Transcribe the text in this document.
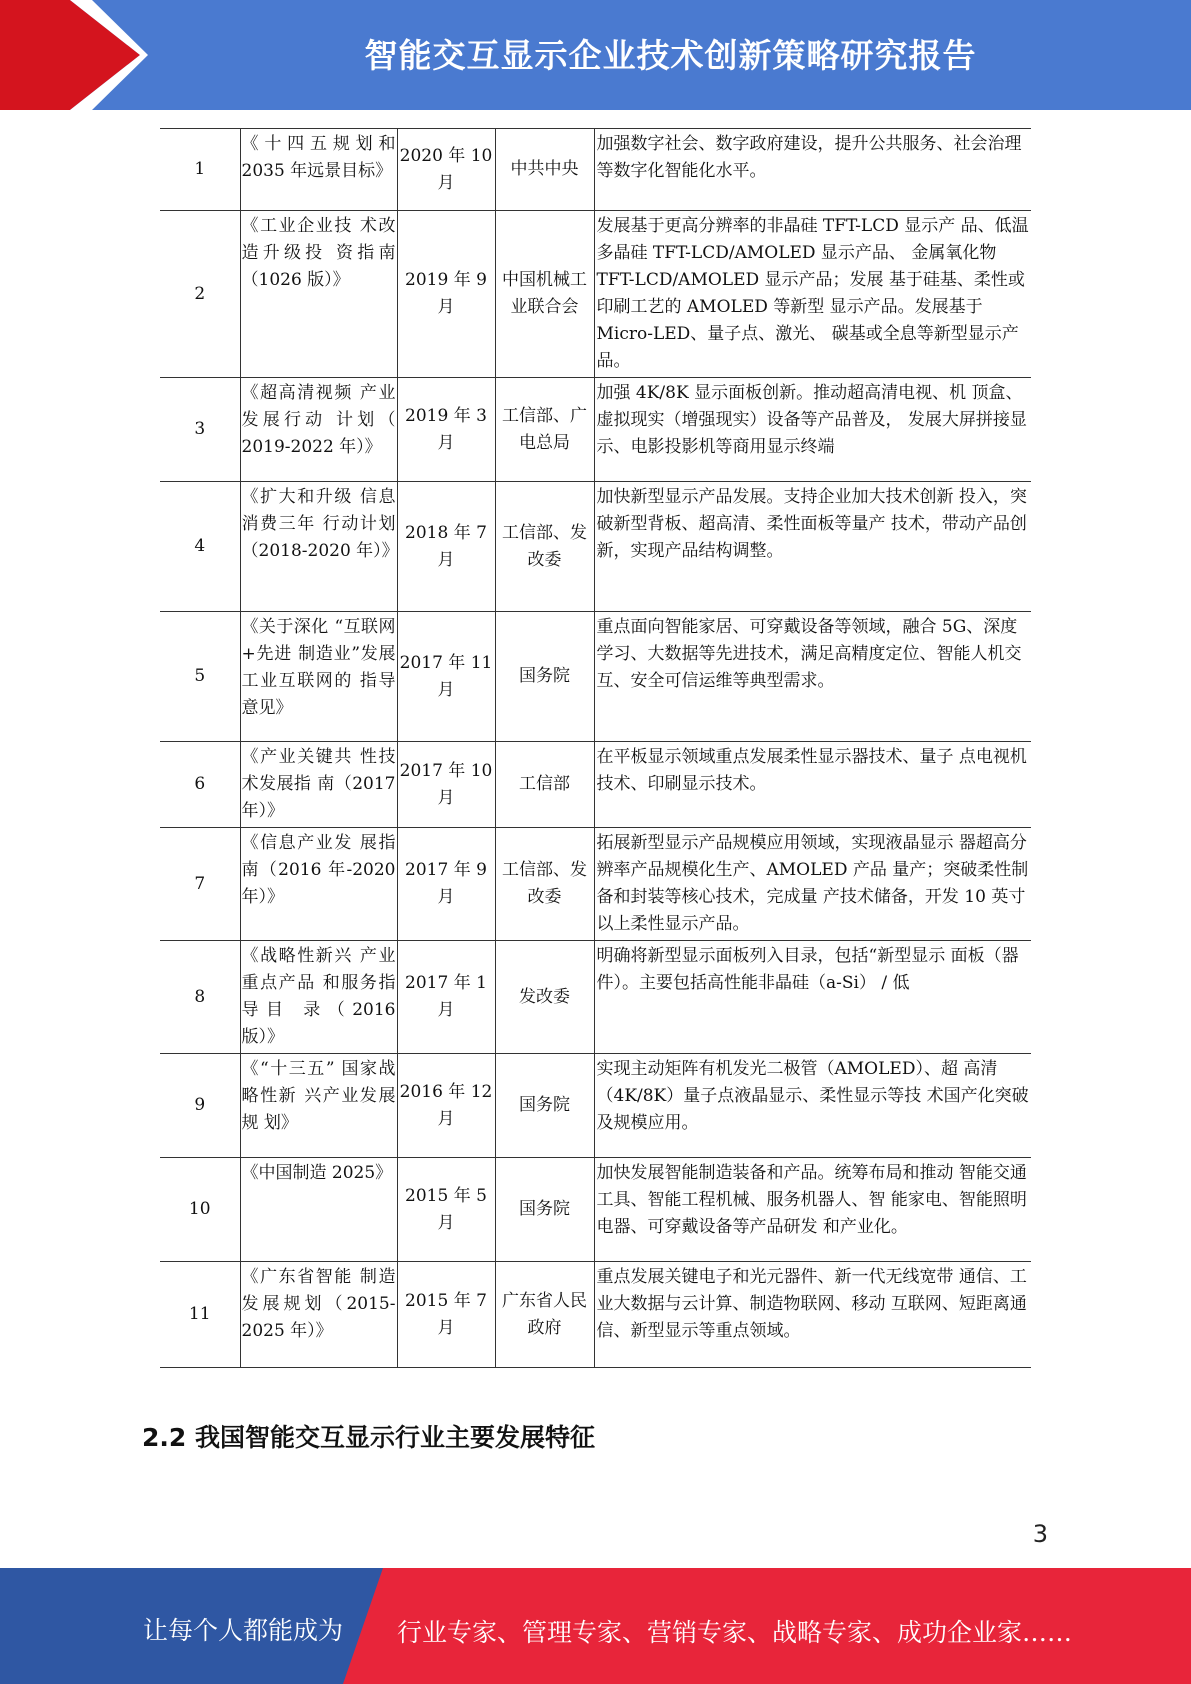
智能交互显示企业技术创新策略研究报告
1	《十四五规划和 2035 年远景目标》	2020 年 10 月	中共中央	加强数字社会、数字政府建设，提升公共服务、社会治理等数字化智能化水平。
2	《工业企业技 术改造升级投 资指南（1026 版）》	2019 年 9 月	中国机械工业联合会	发展基于更高分辨率的非晶硅 TFT-LCD 显示产 品、低温多晶硅 TFT-LCD/AMOLED 显示产品、 金属氧化物 TFT-LCD/AMOLED 显示产品；发展 基于硅基、柔性或印刷工艺的 AMOLED 等新型 显示产品。发展基于 Micro-LED、量子点、激光、 碳基或全息等新型显示产品。
3	《超高清视频 产业发展行动 计划（ 2019-2022 年）》	2019 年 3 月	工信部、广电总局	加强 4K/8K 显示面板创新。推动超高清电视、机 顶盒、虚拟现实（增强现实）设备等产品普及， 发展大屏拼接显示、电影投影机等商用显示终端
4	《扩大和升级 信息消费三年 行动计划（2018-2020 年）》	2018 年 7 月	工信部、发改委	加快新型显示产品发展。支持企业加大技术创新 投入，突破新型背板、超高清、柔性面板等量产 技术，带动产品创新，实现产品结构调整。
5	《关于深化 “互联网+先进 制造业”发展 工业互联网的 指导意见》	2017 年 11 月	国务院	重点面向智能家居、可穿戴设备等领域，融合 5G、深度学习、大数据等先进技术，满足高精度定位、智能人机交互、安全可信运维等典型需求。
6	《产业关键共 性技术发展指 南（2017 年）》	2017 年 10 月	工信部	在平板显示领域重点发展柔性显示器技术、量子 点电视机技术、印刷显示技术。
7	《信息产业发 展指南（2016 年-2020 年）》	2017 年 9 月	工信部、发改委	拓展新型显示产品规模应用领域，实现液晶显示 器超高分辨率产品规模化生产、AMOLED 产品 量产；突破柔性制备和封装等核心技术，完成量 产技术储备，开发 10 英寸以上柔性显示产品。
8	《战略性新兴 产业重点产品 和服务指导目 录（2016 版）》	2017 年 1 月	发改委	明确将新型显示面板列入目录，包括“新型显示 面板（器件）。主要包括高性能非晶硅（a-Si） / 低
9	《“十三五” 国家战略性新 兴产业发展规 划》	2016 年 12 月	国务院	实现主动矩阵有机发光二极管（AMOLED）、超 高清（4K/8K）量子点液晶显示、柔性显示等技 术国产化突破及规模应用。
10	《中国制造 2025》	2015 年 5 月	国务院	加快发展智能制造装备和产品。统筹布局和推动 智能交通工具、智能工程机械、服务机器人、智 能家电、智能照明电器、可穿戴设备等产品研发 和产业化。
11	《广东省智能 制造发展规划（2015-2025 年）》	2015 年 7 月	广东省人民政府	重点发展关键电子和光元器件、新一代无线宽带 通信、工业大数据与云计算、制造物联网、移动 互联网、短距离通信、新型显示等重点领域。
2.2 我国智能交互显示行业主要发展特征
3
让每个人都能成为 行业专家、管理专家、营销专家、战略专家、成功企业家……
